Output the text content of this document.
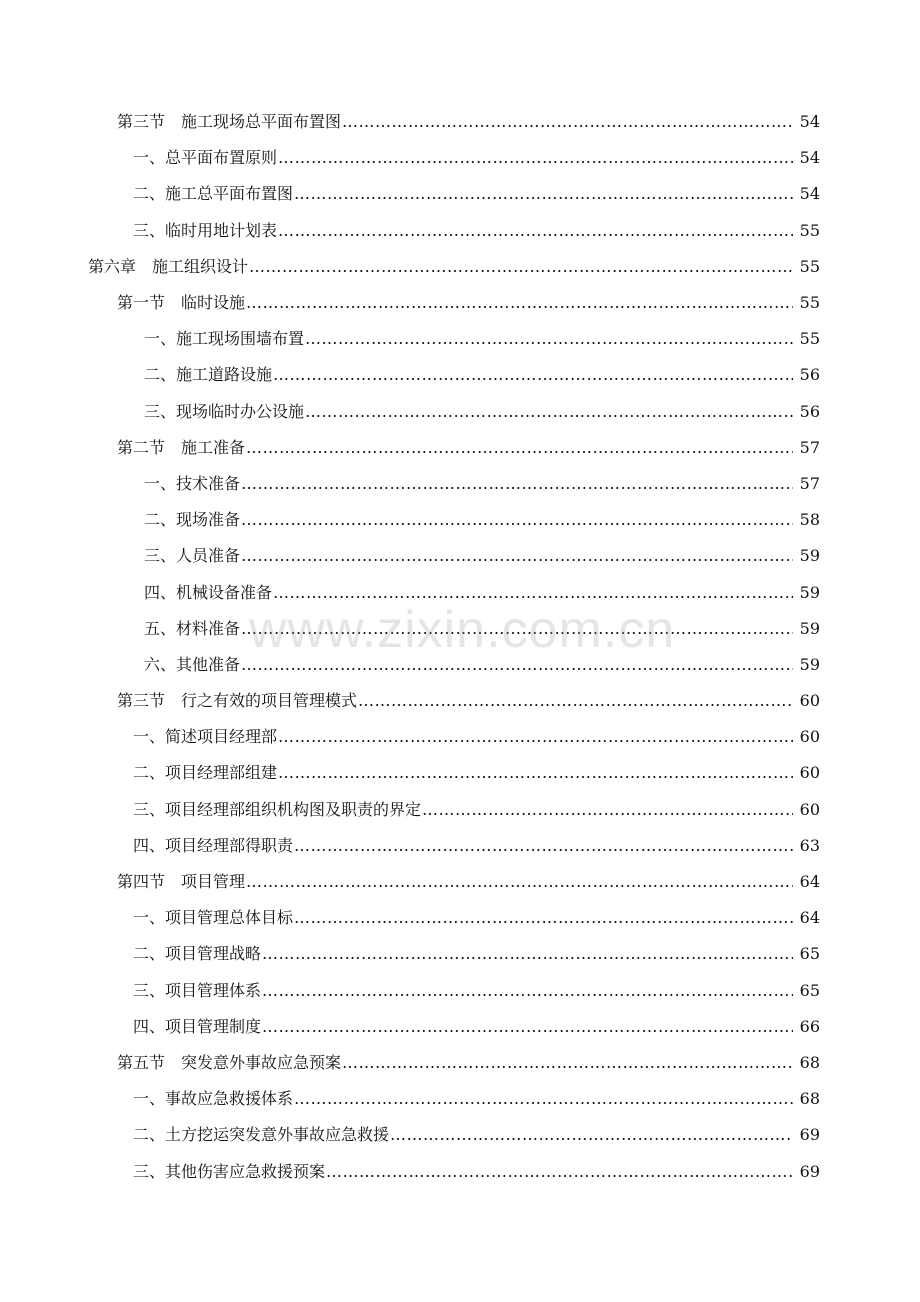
第三节　施工现场总平面布置图 ……………………………………………………………………………………………………………………………………………………………………………………………………………………………	54
一、总平面布置原则 ……………………………………………………………………………………………………………………………………………………………………………………………………………………………	54
二、施工总平面布置图 ……………………………………………………………………………………………………………………………………………………………………………………………………………………………	54
三、临时用地计划表 ……………………………………………………………………………………………………………………………………………………………………………………………………………………………	55
第六章　施工组织设计 ……………………………………………………………………………………………………………………………………………………………………………………………………………………………	55
第一节　临时设施 ……………………………………………………………………………………………………………………………………………………………………………………………………………………………	55
一、施工现场围墙布置 ……………………………………………………………………………………………………………………………………………………………………………………………………………………………	55
二、施工道路设施 ……………………………………………………………………………………………………………………………………………………………………………………………………………………………	56
三、现场临时办公设施 ……………………………………………………………………………………………………………………………………………………………………………………………………………………………	56
第二节　施工准备 ……………………………………………………………………………………………………………………………………………………………………………………………………………………………	57
一、技术准备 ……………………………………………………………………………………………………………………………………………………………………………………………………………………………	57
二、现场准备 ……………………………………………………………………………………………………………………………………………………………………………………………………………………………	58
三、人员准备 ……………………………………………………………………………………………………………………………………………………………………………………………………………………………	59
四、机械设备准备 ……………………………………………………………………………………………………………………………………………………………………………………………………………………………	59
五、材料准备 ……………………………………………………………………………………………………………………………………………………………………………………………………………………………	59
六、其他准备 ……………………………………………………………………………………………………………………………………………………………………………………………………………………………	59
第三节　行之有效的项目管理模式 ……………………………………………………………………………………………………………………………………………………………………………………………………………………………	60
一、简述项目经理部 ……………………………………………………………………………………………………………………………………………………………………………………………………………………………	60
二、项目经理部组建 ……………………………………………………………………………………………………………………………………………………………………………………………………………………………	60
三、项目经理部组织机构图及职责的界定 ……………………………………………………………………………………………………………………………………………………………………………………………………………………………	60
四、项目经理部得职责 ……………………………………………………………………………………………………………………………………………………………………………………………………………………………	63
第四节　项目管理 ……………………………………………………………………………………………………………………………………………………………………………………………………………………………	64
一、项目管理总体目标 ……………………………………………………………………………………………………………………………………………………………………………………………………………………………	64
二、项目管理战略 ……………………………………………………………………………………………………………………………………………………………………………………………………………………………	65
三、项目管理体系 ……………………………………………………………………………………………………………………………………………………………………………………………………………………………	65
四、项目管理制度 ……………………………………………………………………………………………………………………………………………………………………………………………………………………………	66
第五节　突发意外事故应急预案 ……………………………………………………………………………………………………………………………………………………………………………………………………………………………	68
一、事故应急救援体系 ……………………………………………………………………………………………………………………………………………………………………………………………………………………………	68
二、土方挖运突发意外事故应急救援 ……………………………………………………………………………………………………………………………………………………………………………………………………………………………	69
三、其他伤害应急救援预案 ……………………………………………………………………………………………………………………………………………………………………………………………………………………………	69
www.zixin.com.cn
